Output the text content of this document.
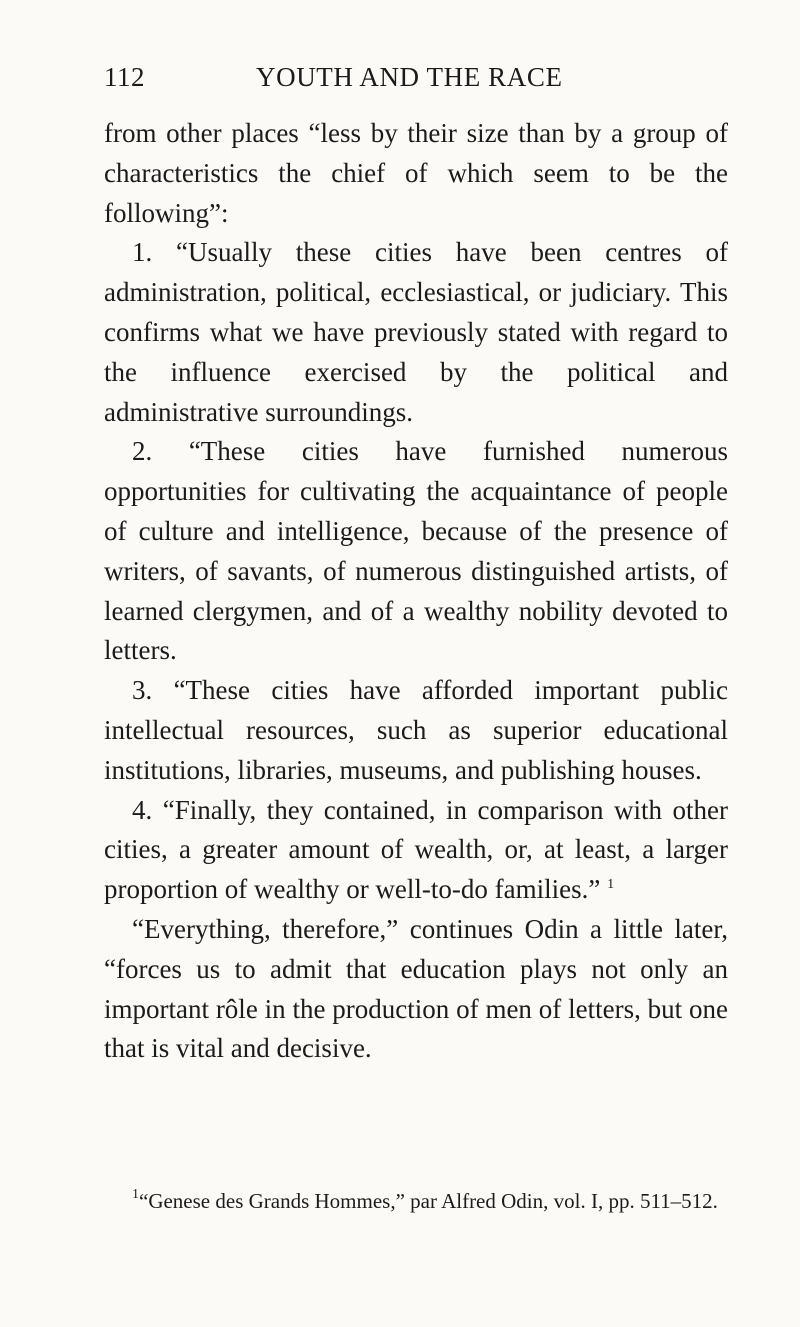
112	YOUTH AND THE RACE

from other places “less by their size than by a group of characteristics the chief of which seem to be the following”:

1. “Usually these cities have been centres of administration, political, ecclesiastical, or judiciary. This confirms what we have previously stated with regard to the influence exercised by the political and administrative surroundings.

2. “These cities have furnished numerous opportunities for cultivating the acquaintance of people of culture and intelligence, because of the presence of writers, of savants, of numerous distinguished artists, of learned clergymen, and of a wealthy nobility devoted to letters.

3. “These cities have afforded important public intellectual resources, such as superior educational institutions, libraries, museums, and publishing houses.

4. “Finally, they contained, in comparison with other cities, a greater amount of wealth, or, at least, a larger proportion of wealthy or well-to-do families.” $^1$

“Everything, therefore,” continues Odin a little later, “forces us to admit that education plays not only an important rôle in the production of men of letters, but one that is vital and decisive.

$^1$“Genese des Grands Hommes,” par Alfred Odin, vol. I, pp. 511–512.
